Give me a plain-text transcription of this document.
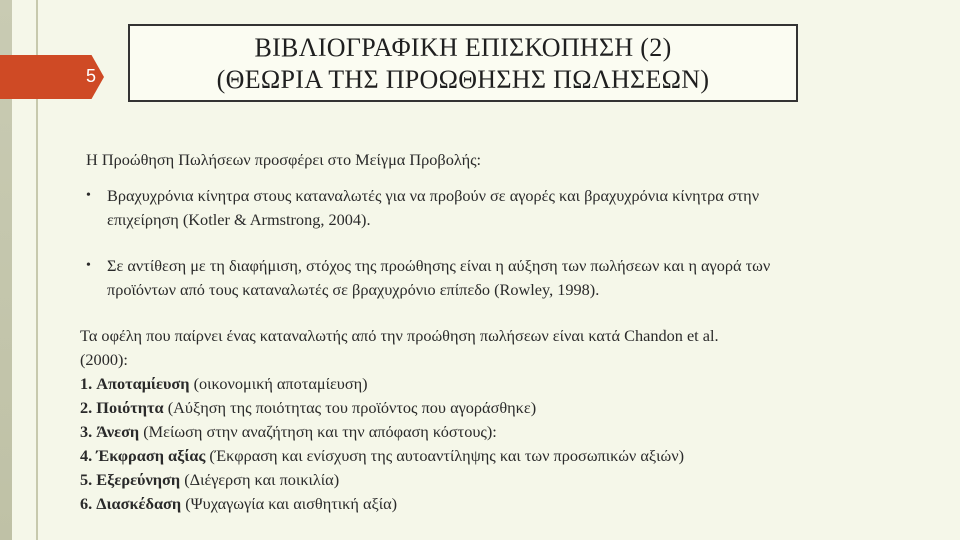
5
ΒΙΒΛΙΟΓΡΑΦΙΚΗ ΕΠΙΣΚΟΠΗΣΗ (2)
(ΘΕΩΡΙΑ ΤΗΣ ΠΡΟΩΘΗΣΗΣ ΠΩΛΗΣΕΩΝ)
Η Προώθηση Πωλήσεων προσφέρει στο Μείγμα Προβολής:
• Βραχυχρόνια κίνητρα στους καταναλωτές για να προβούν σε αγορές και βραχυχρόνια κίνητρα στην
επιχείρηση (Kotler & Armstrong, 2004).
• Σε αντίθεση με τη διαφήμιση, στόχος της προώθησης είναι η αύξηση των πωλήσεων και η αγορά των
προϊόντων από τους καταναλωτές σε βραχυχρόνιο επίπεδο (Rowley, 1998).
Τα οφέλη που παίρνει ένας καταναλωτής από την προώθηση πωλήσεων είναι κατά Chandon et al.
(2000):
1. Αποταμίευση (οικονομική αποταμίευση)
2. Ποιότητα (Αύξηση της ποιότητας του προϊόντος που αγοράσθηκε)
3. Άνεση (Μείωση στην αναζήτηση και την απόφαση κόστους):
4. Έκφραση αξίας (Έκφραση και ενίσχυση της αυτοαντίληψης και των προσωπικών αξιών)
5. Εξερεύνηση (Διέγερση και ποικιλία)
6. Διασκέδαση (Ψυχαγωγία και αισθητική αξία)
